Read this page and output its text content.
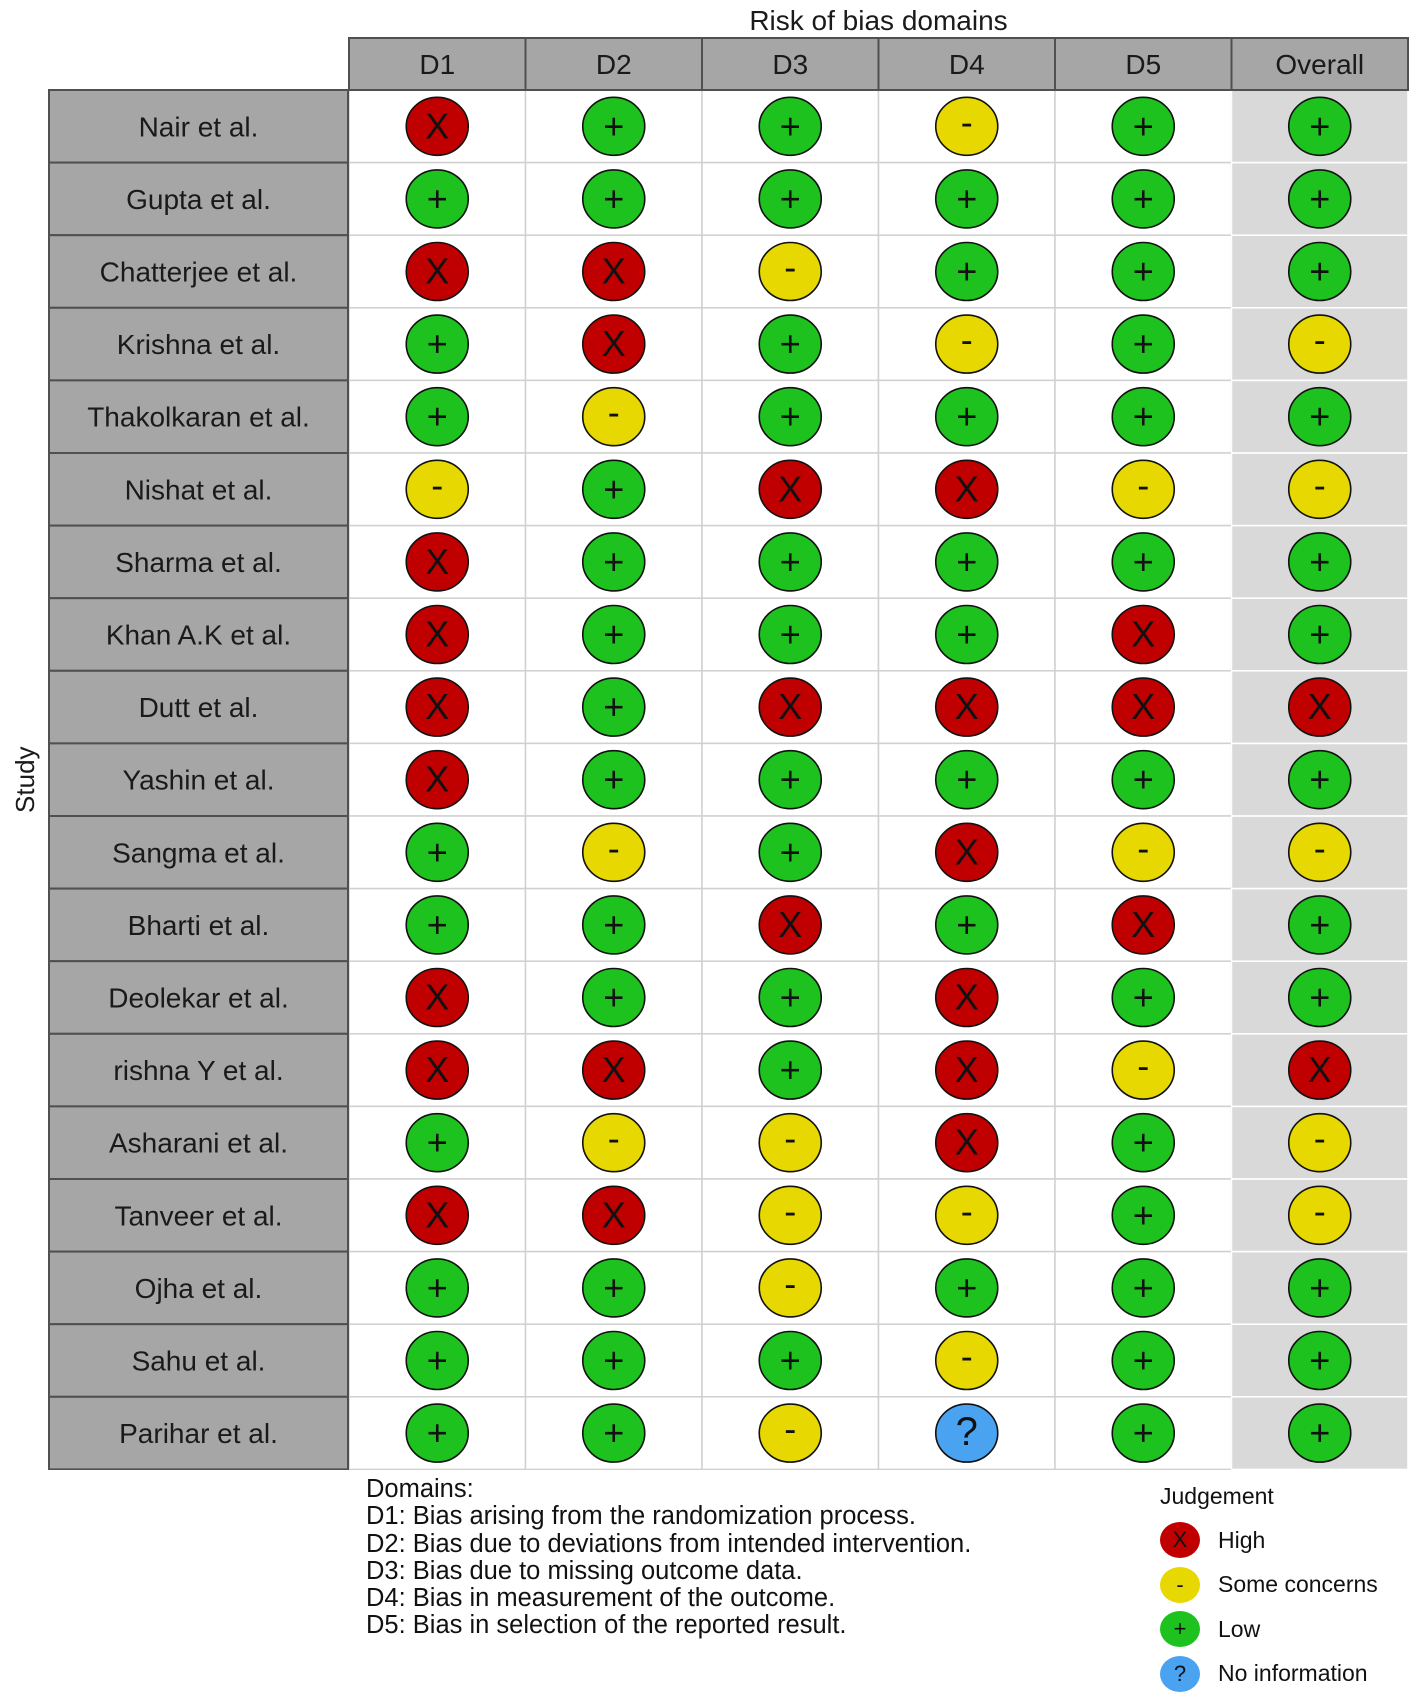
Risk of bias domains
Study
D1	D2	D3	D4	D5	Overall
Nair et al.	X	+	+	-	+	+
Gupta et al.	+	+	+	+	+	+
Chatterjee et al.	X	X	-	+	+	+
Krishna et al.	+	X	+	-	+	-
Thakolkaran et al.	+	-	+	+	+	+
Nishat et al.	-	+	X	X	-	-
Sharma et al.	X	+	+	+	+	+
Khan A.K et al.	X	+	+	+	X	+
Dutt et al.	X	+	X	X	X	X
Yashin et al.	X	+	+	+	+	+
Sangma et al.	+	-	+	X	-	-
Bharti et al.	+	+	X	+	X	+
Deolekar et al.	X	+	+	X	+	+
rishna Y et al.	X	X	+	X	-	X
Asharani et al.	+	-	-	X	+	-
Tanveer et al.	X	X	-	-	+	-
Ojha et al.	+	+	-	+	+	+
Sahu et al.	+	+	+	-	+	+
Parihar et al.	+	+	-	?	+	+
Domains:
D1: Bias arising from the randomization process.
D2: Bias due to deviations from intended intervention.
D3: Bias due to missing outcome data.
D4: Bias in measurement of the outcome.
D5: Bias in selection of the reported result.
Judgement
X	High
-	Some concerns
+	Low
?	No information
